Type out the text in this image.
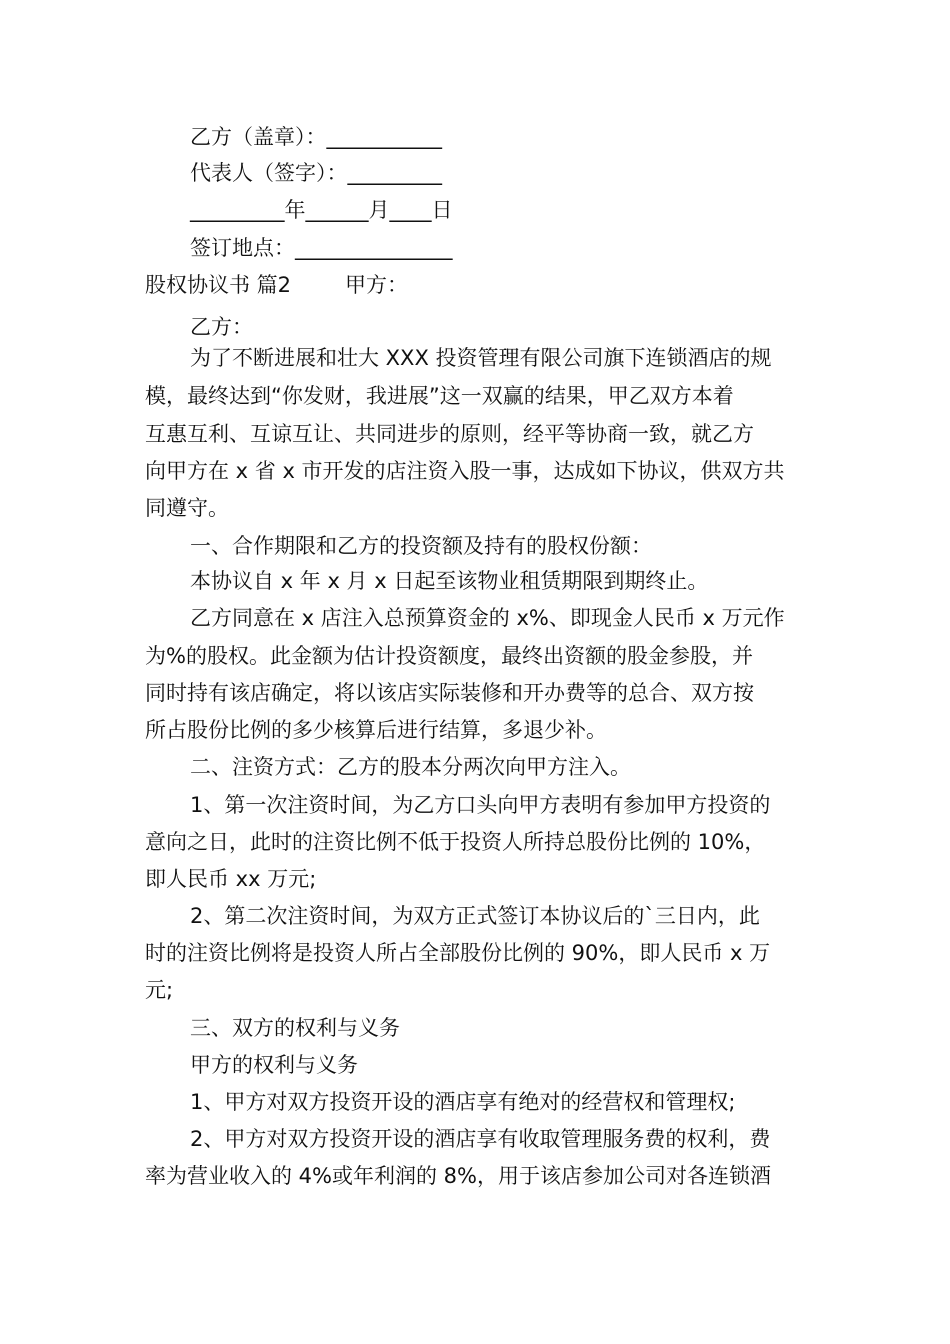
乙方（盖章）：___________
代表人（签字）：_________
_________年______月____日
签订地点：_______________
股权协议书 篇2	甲方：
乙方：
为了不断进展和壮大 XXX 投资管理有限公司旗下连锁酒店的规
模，最终达到“你发财，我进展”这一双赢的结果，甲乙双方本着
互惠互利、互谅互让、共同进步的原则，经平等协商一致，就乙方
向甲方在 x 省 x 市开发的店注资入股一事，达成如下协议，供双方共
同遵守。
一、合作期限和乙方的投资额及持有的股权份额：
本协议自 x 年 x 月 x 日起至该物业租赁期限到期终止。
乙方同意在 x 店注入总预算资金的 x%、即现金人民币 x 万元作
为%的股权。此金额为估计投资额度，最终出资额的股金参股，并
同时持有该店确定，将以该店实际装修和开办费等的总合、双方按
所占股份比例的多少核算后进行结算，多退少补。
二、注资方式：乙方的股本分两次向甲方注入。
1、第一次注资时间，为乙方口头向甲方表明有参加甲方投资的
意向之日，此时的注资比例不低于投资人所持总股份比例的 10%，
即人民币 xx 万元;
2、第二次注资时间，为双方正式签订本协议后的`三日内，此
时的注资比例将是投资人所占全部股份比例的 90%，即人民币 x 万
元;
三、双方的权利与义务
甲方的权利与义务
1、甲方对双方投资开设的酒店享有绝对的经营权和管理权;
2、甲方对双方投资开设的酒店享有收取管理服务费的权利，费
率为营业收入的 4%或年利润的 8%，用于该店参加公司对各连锁酒
